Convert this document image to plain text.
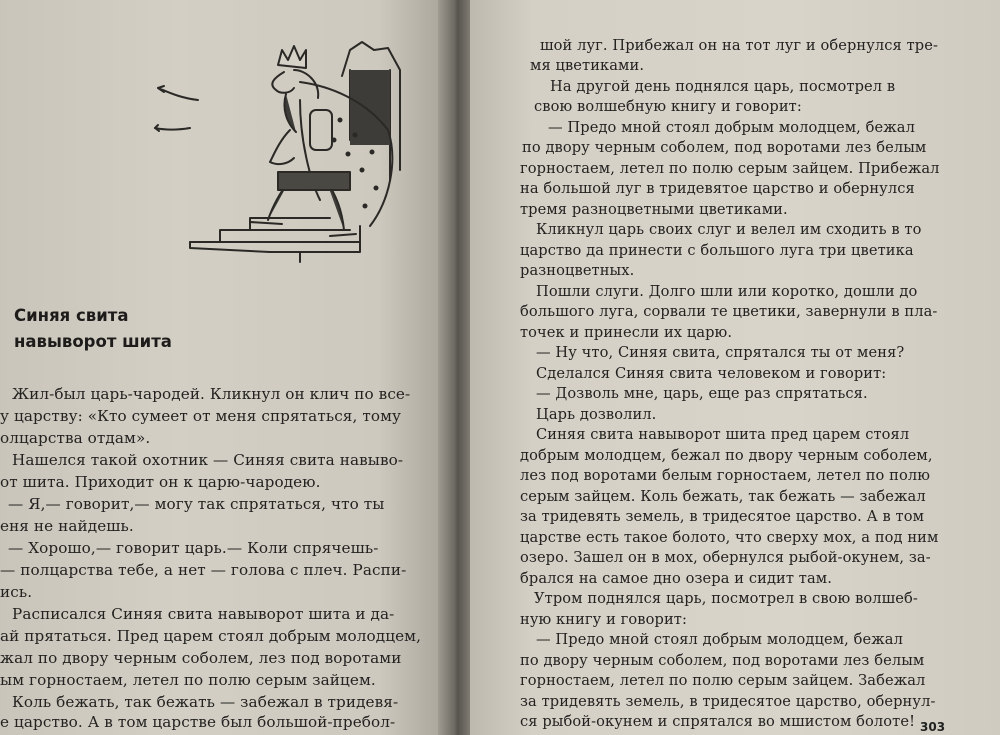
Синяя свита
навыворот шита
Жил-был царь-чародей. Кликнул он клич по все-
у царству: «Кто сумеет от меня спрятаться, тому
олцарства отдам».
Нашелся такой охотник — Синяя свита навыво-
от шита. Приходит он к царю-чародею.
— Я,— говорит,— могу так спрятаться, что ты
еня не найдешь.
— Хорошо,— говорит царь.— Коли спрячешь-
— полцарства тебе, а нет — голова с плеч. Распи-
ись.
Расписался Синяя свита навыворот шита и да-
ай прятаться. Пред царем стоял добрым молодцем,
жал по двору черным соболем, лез под воротами
ым горностаем, летел по полю серым зайцем.
Коль бежать, так бежать — забежал в тридевя-
е царство. А в том царстве был большой-пребол-
шой луг. Прибежал он на тот луг и обернулся тре-
мя цветиками.
На другой день поднялся царь, посмотрел в
свою волшебную книгу и говорит:
— Предо мной стоял добрым молодцем, бежал
по двору черным соболем, под воротами лез белым
горностаем, летел по полю серым зайцем. Прибежал
на большой луг в тридевятое царство и обернулся
тремя разноцветными цветиками.
Кликнул царь своих слуг и велел им сходить в то
царство да принести с большого луга три цветика
разноцветных.
Пошли слуги. Долго шли или коротко, дошли до
большого луга, сорвали те цветики, завернули в пла-
точек и принесли их царю.
— Ну что, Синяя свита, спрятался ты от меня?
Сделался Синяя свита человеком и говорит:
— Дозволь мне, царь, еще раз спрятаться.
Царь дозволил.
Синяя свита навыворот шита пред царем стоял
добрым молодцем, бежал по двору черным соболем,
лез под воротами белым горностаем, летел по полю
серым зайцем. Коль бежать, так бежать — забежал
за тридевять земель, в тридесятое царство. А в том
царстве есть такое болото, что сверху мох, а под ним
озеро. Зашел он в мох, обернулся рыбой-окунем, за-
брался на самое дно озера и сидит там.
Утром поднялся царь, посмотрел в свою волшеб-
ную книгу и говорит:
— Предо мной стоял добрым молодцем, бежал
по двору черным соболем, под воротами лез белым
горностаем, летел по полю серым зайцем. Забежал
за тридевять земель, в тридесятое царство, обернул-
ся рыбой-окунем и спрятался во мшистом болоте! 303
